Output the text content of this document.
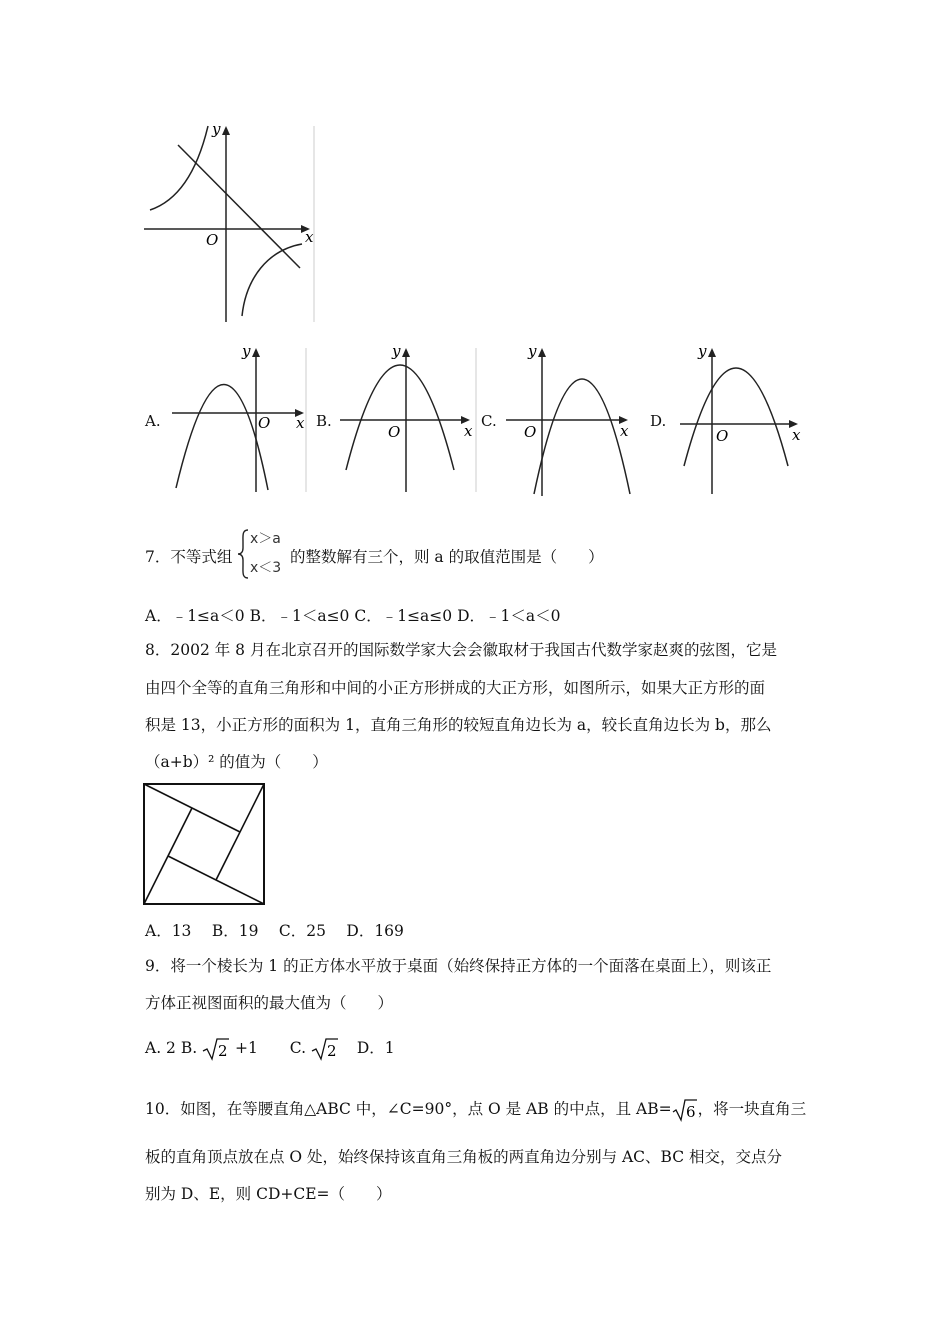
y
x
O
A.
y
x
O	B.
y
x
O
C.
y
x
O
D.
y
x
O
7．不等式组
x＞a
x＜3
的整数解有三个，则 a 的取值范围是（　　）
A．﹣1≤a＜0 B．﹣1＜a≤0 C．﹣1≤a≤0 D．﹣1＜a＜0
8．2002 年 8 月在北京召开的国际数学家大会会徽取材于我国古代数学家赵爽的弦图，它是
由四个全等的直角三角形和中间的小正方形拼成的大正方形，如图所示，如果大正方形的面
积是 13，小正方形的面积为 1，直角三角形的较短直角边长为 a，较长直角边长为 b，那么
（a+b）² 的值为（　　）
A．13　 B．19　 C．25　 D．169
9．将一个棱长为 1 的正方体水平放于桌面（始终保持正方体的一个面落在桌面上），则该正
方体正视图面积的最大值为（　　）
A. 2 B. 2 +1 C. 2 D．1
10．如图，在等腰直角△ABC 中，∠C=90°，点 O 是 AB 的中点，且 AB= 6 ，将一块直角三
板的直角顶点放在点 O 处，始终保持该直角三角板的两直角边分别与 AC、BC 相交，交点分
别为 D、E，则 CD+CE=（　　）
